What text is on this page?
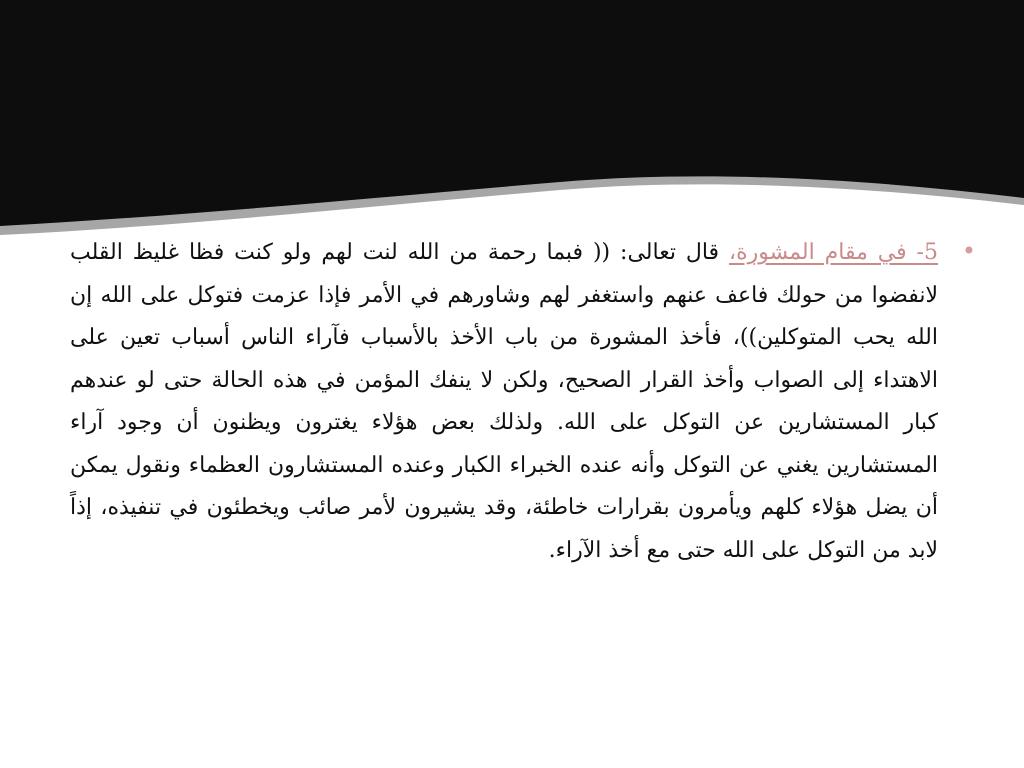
•
5- في مقام المشورة، قال تعالى: (( فبما رحمة من الله لنت لهم ولو كنت فظا غليظ القلب لانفضوا من حولك فاعف عنهم واستغفر لهم وشاورهم في الأمر فإذا عزمت فتوكل على الله إن الله يحب المتوكلين))، فأخذ المشورة من باب الأخذ بالأسباب فآراء الناس أسباب تعين على الاهتداء إلى الصواب وأخذ القرار الصحيح، ولكن لا ينفك المؤمن في هذه الحالة حتى لو عندهم كبار المستشارين عن التوكل على الله. ولذلك بعض هؤلاء يغترون ويظنون أن وجود آراء المستشارين يغني عن التوكل وأنه عنده الخبراء الكبار وعنده المستشارون العظماء ونقول يمكن أن يضل هؤلاء كلهم ويأمرون بقرارات خاطئة، وقد يشيرون لأمر صائب ويخطئون في تنفيذه، إذاً لابد من التوكل على الله حتى مع أخذ الآراء.
